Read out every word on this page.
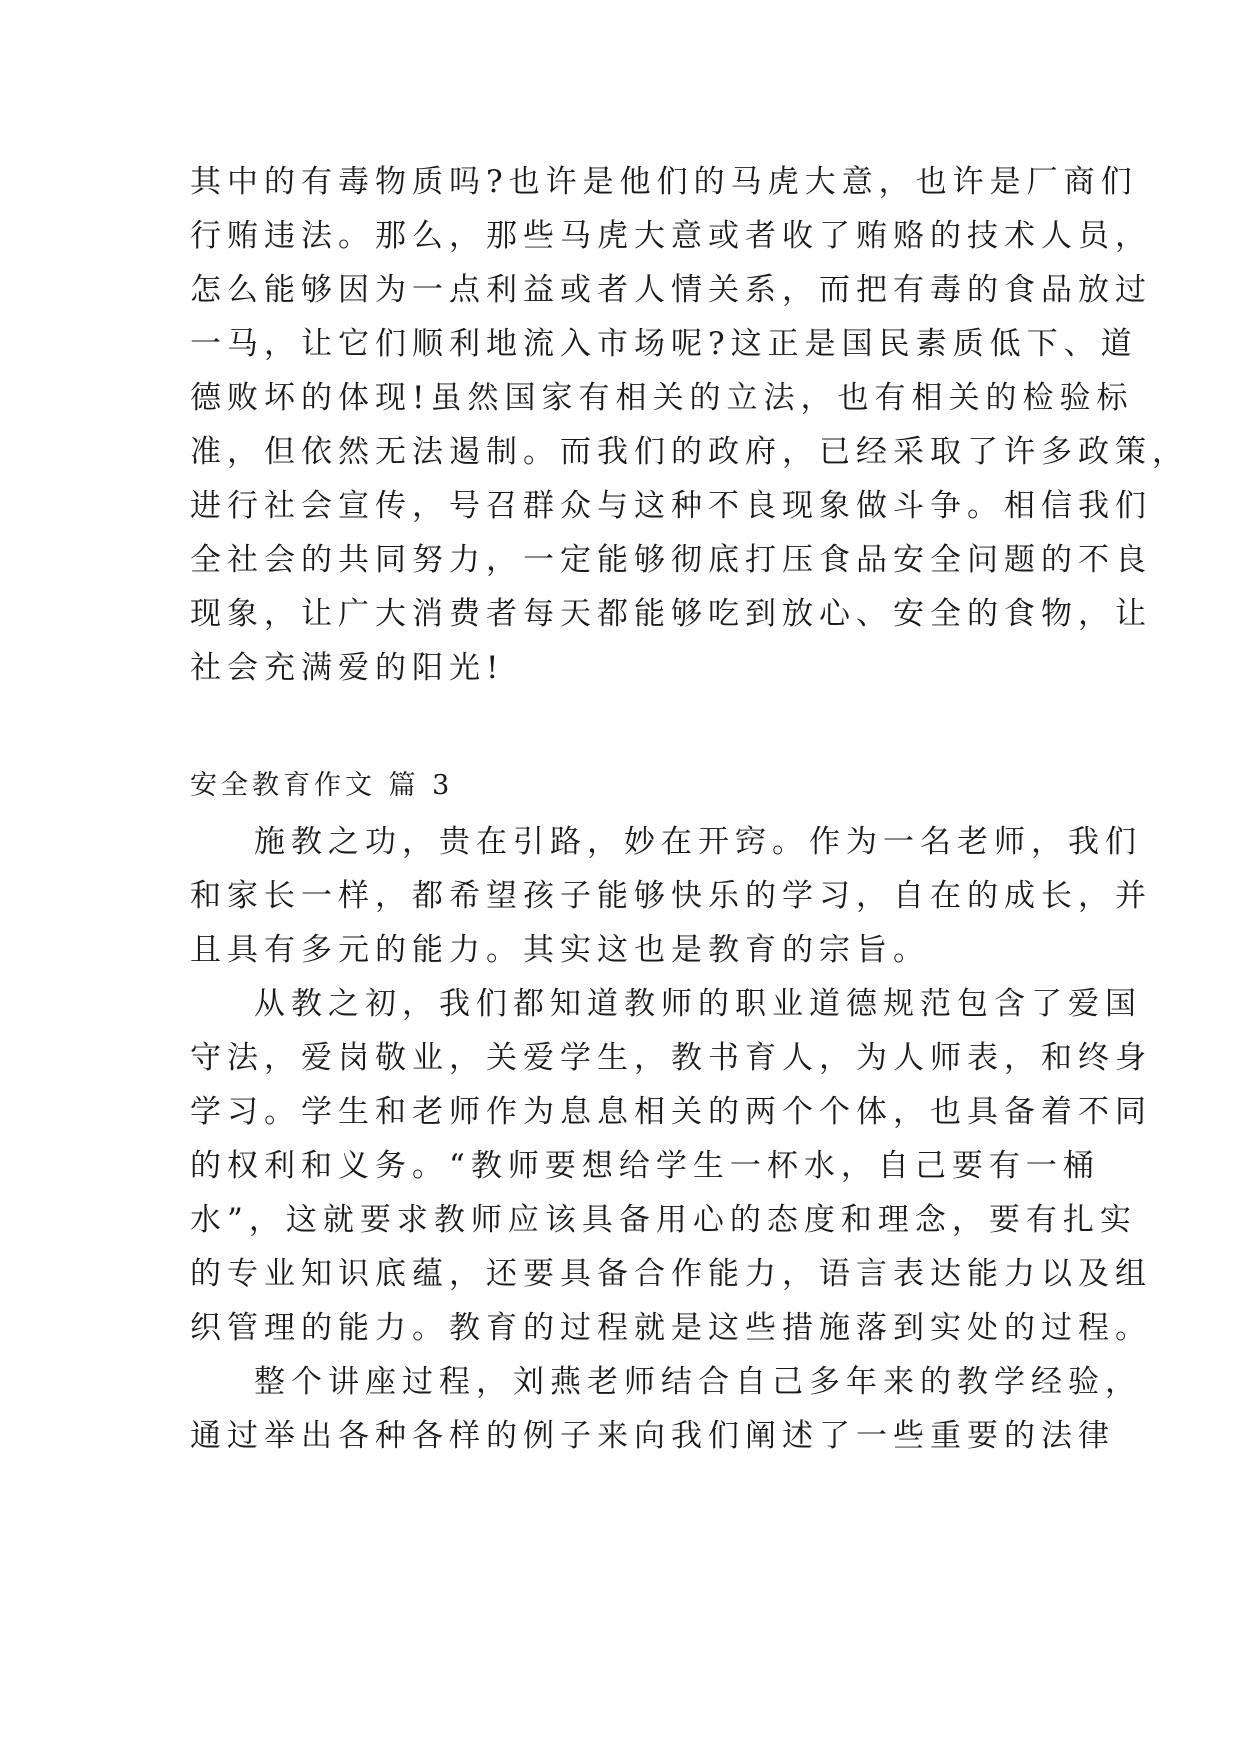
其中的有毒物质吗?也许是他们的马虎大意，也许是厂商们
行贿违法。那么，那些马虎大意或者收了贿赂的技术人员，
怎么能够因为一点利益或者人情关系，而把有毒的食品放过
一马，让它们顺利地流入市场呢?这正是国民素质低下、道
德败坏的体现!虽然国家有相关的立法，也有相关的检验标
准，但依然无法遏制。而我们的政府，已经采取了许多政策，
进行社会宣传，号召群众与这种不良现象做斗争。相信我们
全社会的共同努力，一定能够彻底打压食品安全问题的不良
现象，让广大消费者每天都能够吃到放心、安全的食物，让
社会充满爱的阳光!
安全教育作文 篇 3
施教之功，贵在引路，妙在开窍。作为一名老师，我们
和家长一样，都希望孩子能够快乐的学习，自在的成长，并
且具有多元的能力。其实这也是教育的宗旨。
从教之初，我们都知道教师的职业道德规范包含了爱国
守法，爱岗敬业，关爱学生，教书育人，为人师表，和终身
学习。学生和老师作为息息相关的两个个体，也具备着不同
的权利和义务。“教师要想给学生一杯水，自己要有一桶
水”，这就要求教师应该具备用心的态度和理念，要有扎实
的专业知识底蕴，还要具备合作能力，语言表达能力以及组
织管理的能力。教育的过程就是这些措施落到实处的过程。
整个讲座过程，刘燕老师结合自己多年来的教学经验，
通过举出各种各样的例子来向我们阐述了一些重要的法律
